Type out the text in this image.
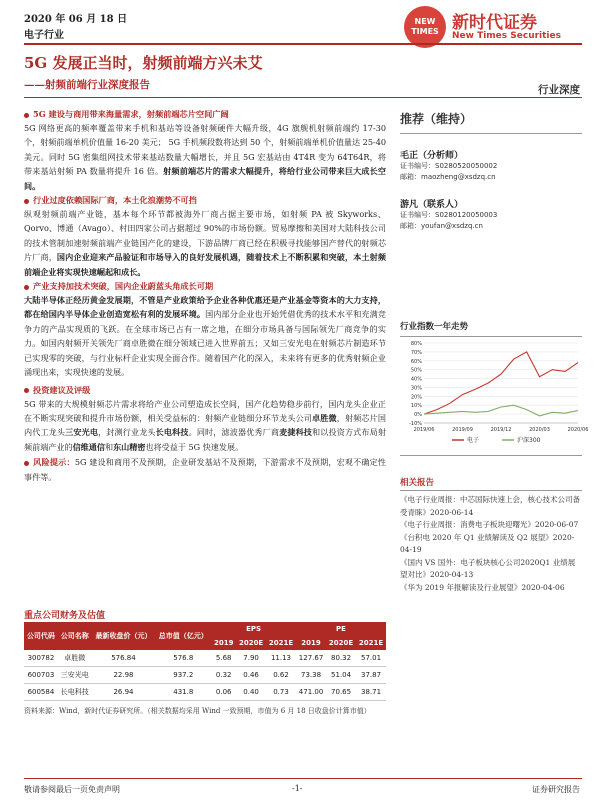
2020 年 06 月 18 日
电子行业
NEW TIMES 新时代证券
New Times Securities
5G 发展正当时，射频前端方兴未艾
——射频前端行业深度报告	行业深度
5G 建设与商用带来海量需求，射频前端芯片空间广阔

5G 网络更高的频率覆盖带来手机和基站等设备射频硬件大幅升级，4G 旗舰机射频前端约 17-30 个，射频前端单机价值量 16-20 美元； 5G 手机频段数将达到 50 个，射频前端单机价值量达 25-40 美元。同时 5G 密集组网技术带来基站数量大幅增长，并且 5G 宏基站由 4T4R 变为 64T64R，将带来基站射频 PA 数量将提升 16 倍。射频前端芯片的需求大幅提升，将给行业公司带来巨大成长空间。

行业过度依赖国际厂商，本土化浪潮势不可挡

纵观射频前端产业链，基本每个环节都被海外厂商占据主要市场，如射频 PA 被 Skyworks、Qorvo、博通（Avago）、村田四家公司占据超过 90%的市场份额。贸易摩擦和美国对大陆科技公司的技术管制加速射频前端产业链国产化的建设，下游品牌厂商已经在积极寻找能够国产替代的射频芯片厂商，国内企业迎来产品验证和市场导入的良好发展机遇，随着技术上不断积累和突破，本土射频前端企业将实现快速崛起和成长。

产业支持加技术突破，国内企业蔚蓝头角成长可期

大陆半导体正经历黄金发展期，不管是产业政策给予企业各种优惠还是产业基金等资本的大力支持，都在给国内半导体企业创造宽松有利的发展环境。国内部分企业也开始凭借优秀的技术水平和充满竞争力的产品实现质的飞跃。在全球市场已占有一席之地，在细分市场具备与国际领先厂商竞争的实力。如国内射频开关领先厂商卓胜微在细分领域已进入世界前五；又如三安光电在射频芯片制造环节已实现零的突破，与行业标杆企业实现全面合作。随着国产化的深入，未来将有更多的优秀射频企业涌现出来，实现快速的发展。

投资建议及评级

5G 带来的大规模射频芯片需求将给产业公司塑造成长空间，国产化趋势稳步前行，国内龙头企业正在不断实现突破和提升市场份额，相关受益标的：射频产业链细分环节龙头公司卓胜微，射频芯片国内代工龙头三安光电，封测行业龙头长电科技。同时，滤波器优秀厂商麦捷科技和以投资方式布局射频前端产业的信维通信和东山精密也将受益于 5G 快速发展。

风险提示：5G 建设和商用不及预期，企业研发基站不及预期，下游需求不及预期，宏观不确定性事件等。

重点公司财务及估值
公司代码	公司名称	最新收盘价（元）	总市值（亿元）	EPS			PE		
				2019	2020E	2021E	2019	2020E	2021E
300782	卓胜微	576.84	576.8	5.68	7.90	11.13	127.67	80.32	57.01
600703	三安光电	22.98	937.2	0.32	0.46	0.62	73.38	51.04	37.87
600584	长电科技	26.94	431.8	0.06	0.40	0.73	471.00	70.65	38.71
资料来源：Wind，新时代证券研究所。（相关数据均采用 Wind 一致预期，市值为 6 月 18 日收盘价计算市值）
推荐（维持）
毛正（分析师）
证书编号：S0280520050002
邮箱：maozheng@xsdzq.cn
游凡（联系人）
证书编号：S0280120050003
邮箱：youfan@xsdzq.cn
行业指数一年走势
-10%
0%
10%
20%
30%
40%
50%
60%
70%
80%
2019/06	2019/09	2019/12	2020/03	2020/06
电子	沪深300
相关报告
《电子行业周报：中芯国际快速上会，核心技术公司备受青睐》2020-06-14
《电子行业周报：消费电子板块迎曙光》2020-06-07
《台积电 2020 年 Q1 业绩解读及 Q2 展望》2020-04-19
《国内 VS 国外：电子板块核心公司2020Q1 业绩展望对比》2020-04-13
《华为 2019 年报解读及行业展望》2020-04-06
敬请参阅最后一页免责声明	-1-	证券研究报告
